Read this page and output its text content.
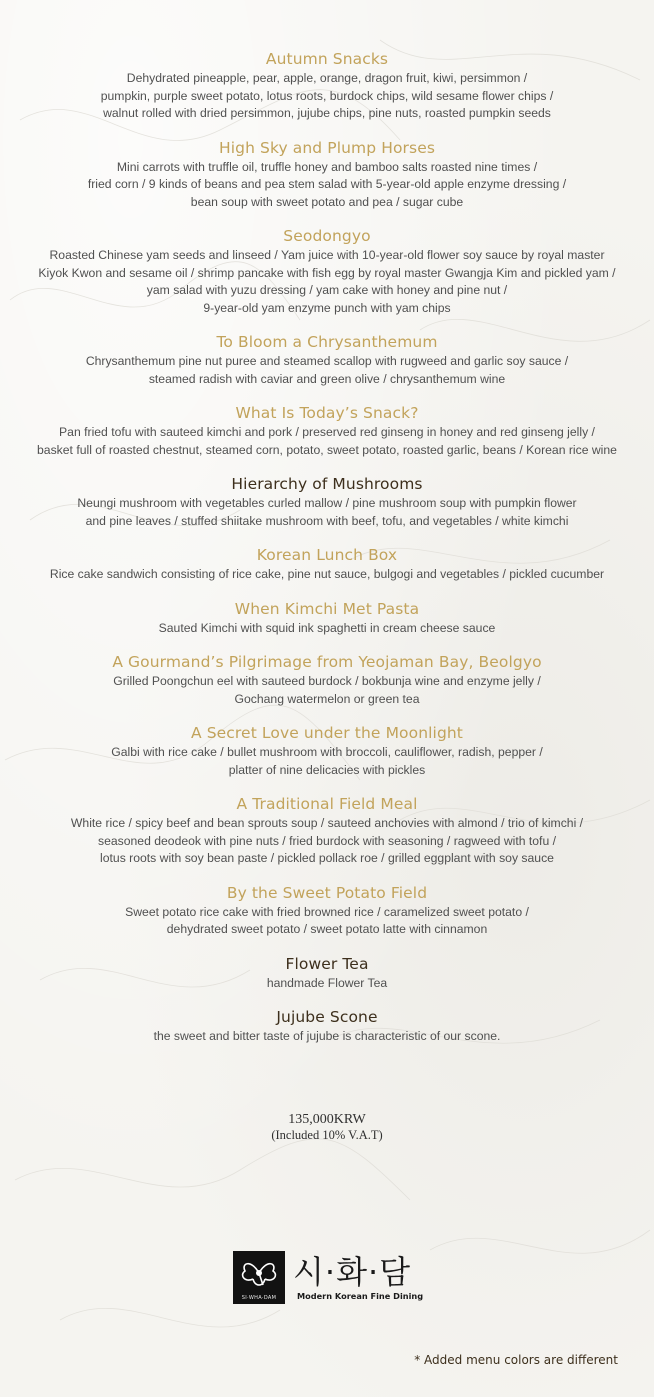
Autumn Snacks

Dehydrated pineapple, pear, apple, orange, dragon fruit, kiwi, persimmon /
pumpkin, purple sweet potato, lotus roots, burdock chips, wild sesame flower chips /
walnut rolled with dried persimmon, jujube chips, pine nuts, roasted pumpkin seeds

High Sky and Plump Horses

Mini carrots with truffle oil, truffle honey and bamboo salts roasted nine times /
fried corn / 9 kinds of beans and pea stem salad with 5-year-old apple enzyme dressing /
bean soup with sweet potato and pea / sugar cube

Seodongyo

Roasted Chinese yam seeds and linseed / Yam juice with 10-year-old flower soy sauce by royal master
Kiyok Kwon and sesame oil / shrimp pancake with fish egg by royal master Gwangja Kim and pickled yam /
yam salad with yuzu dressing / yam cake with honey and pine nut /
9-year-old yam enzyme punch with yam chips

To Bloom a Chrysanthemum

Chrysanthemum pine nut puree and steamed scallop with rugweed and garlic soy sauce /
steamed radish with caviar and green olive / chrysanthemum wine

What Is Today’s Snack?

Pan fried tofu with sauteed kimchi and pork / preserved red ginseng in honey and red ginseng jelly /
basket full of roasted chestnut, steamed corn, potato, sweet potato, roasted garlic, beans / Korean rice wine

Hierarchy of Mushrooms

Neungi mushroom with vegetables curled mallow / pine mushroom soup with pumpkin flower
and pine leaves / stuffed shiitake mushroom with beef, tofu, and vegetables / white kimchi

Korean Lunch Box

Rice cake sandwich consisting of rice cake, pine nut sauce, bulgogi and vegetables / pickled cucumber

When Kimchi Met Pasta

Sauted Kimchi with squid ink spaghetti in cream cheese sauce

A Gourmand’s Pilgrimage from Yeojaman Bay, Beolgyo

Grilled Poongchun eel with sauteed burdock / bokbunja wine and enzyme jelly /
Gochang watermelon or green tea

A Secret Love under the Moonlight

Galbi with rice cake / bullet mushroom with broccoli, cauliflower, radish, pepper /
platter of nine delicacies with pickles

A Traditional Field Meal

White rice / spicy beef and bean sprouts soup / sauteed anchovies with almond / trio of kimchi /
seasoned deodeok with pine nuts / fried burdock with seasoning / ragweed with tofu /
lotus roots with soy bean paste / pickled pollack roe / grilled eggplant with soy sauce

By the Sweet Potato Field

Sweet potato rice cake with fried browned rice / caramelized sweet potato /
dehydrated sweet potato / sweet potato latte with cinnamon

Flower Tea

handmade Flower Tea

Jujube Scone

the sweet and bitter taste of jujube is characteristic of our scone.

135,000KRW
(Included 10% V.A.T)
SI·WHA·DAM
시·화·담
Modern Korean Fine Dining
* Added menu colors are different
